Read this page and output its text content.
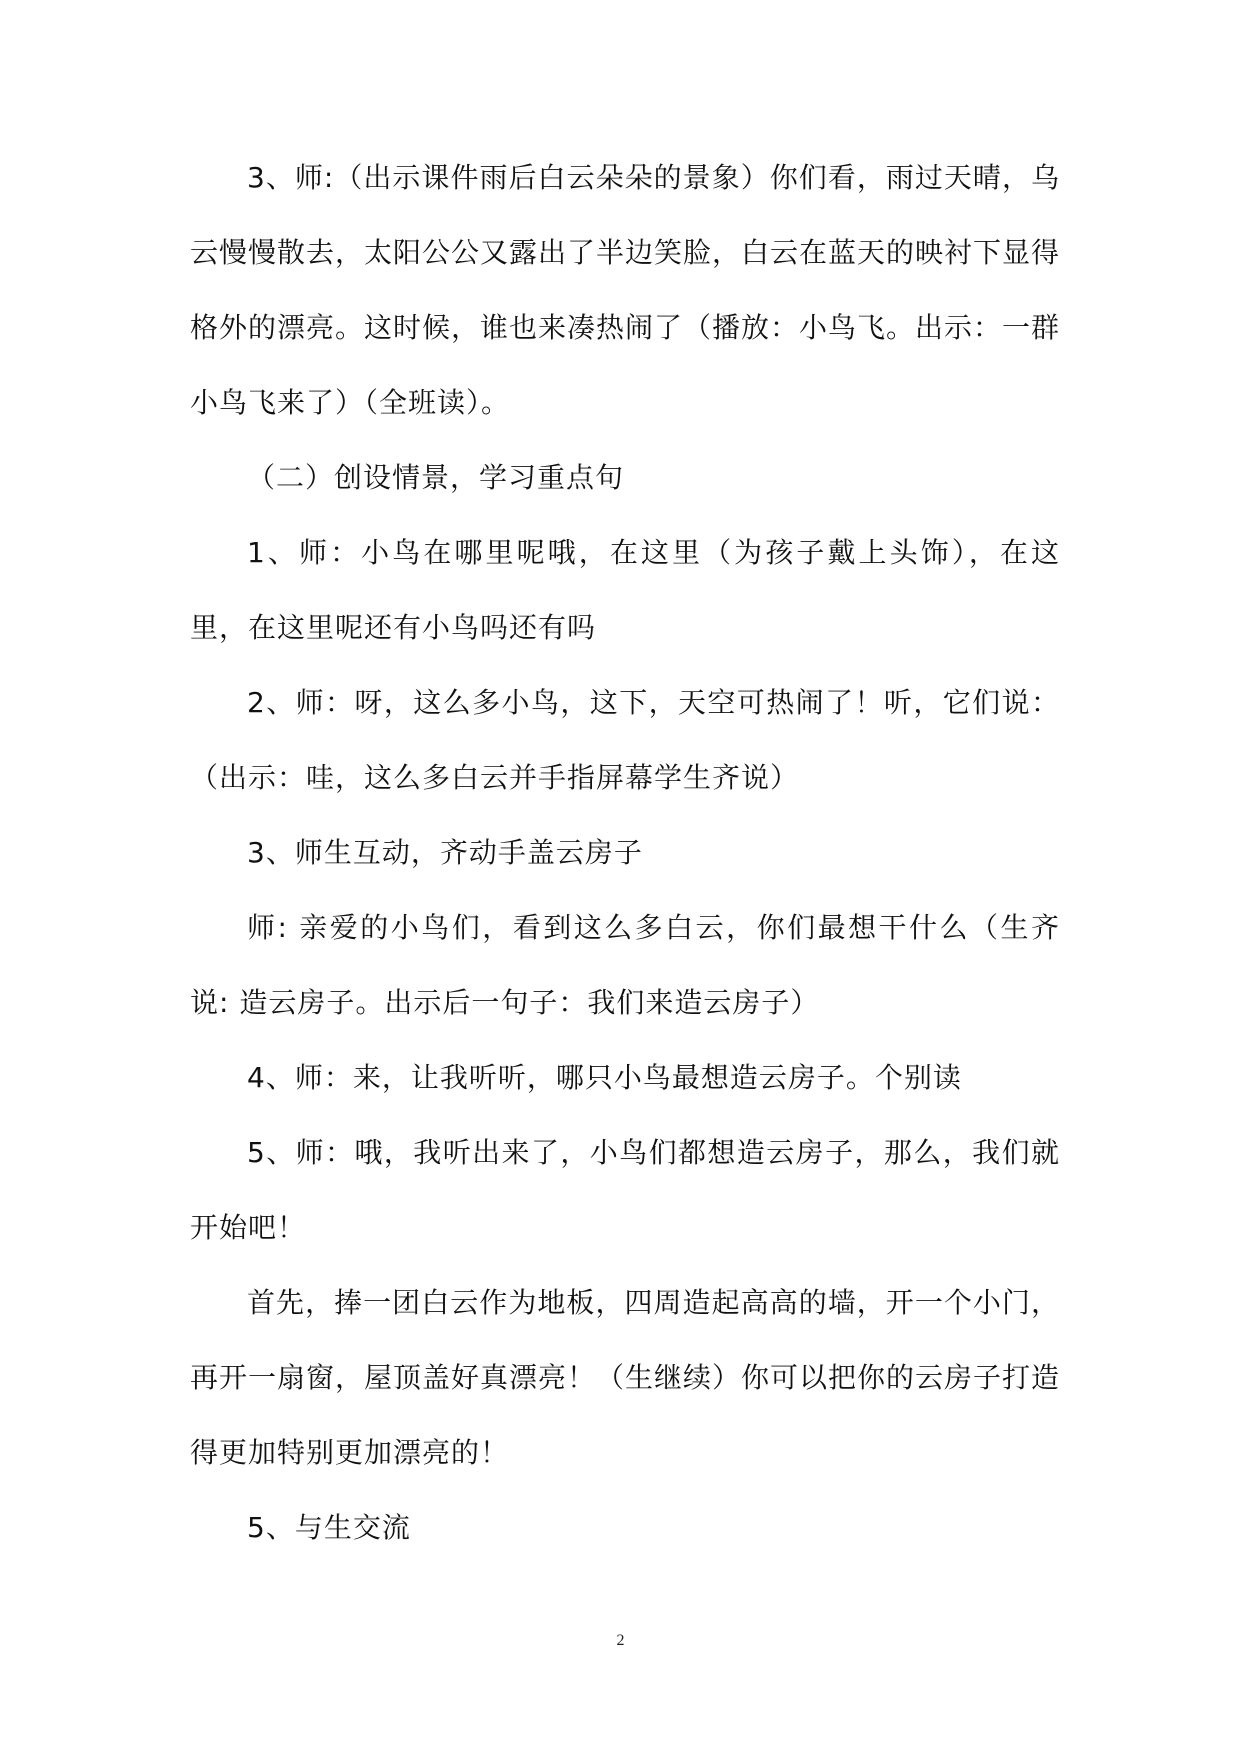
3、师:（出示课件雨后白云朵朵的景象）你们看，雨过天晴，乌云慢慢散去，太阳公公又露出了半边笑脸，白云在蓝天的映衬下显得格外的漂亮。这时候，谁也来凑热闹了（播放：小鸟飞。出示：一群小鸟飞来了）（全班读）。

（二）创设情景，学习重点句

1、师：小鸟在哪里呢哦，在这里（为孩子戴上头饰），在这里，在这里呢还有小鸟吗还有吗

2、师：呀，这么多小鸟，这下，天空可热闹了！听，它们说：（出示：哇，这么多白云并手指屏幕学生齐说）

3、师生互动，齐动手盖云房子

师: 亲爱的小鸟们，看到这么多白云，你们最想干什么（生齐说: 造云房子。出示后一句子：我们来造云房子）

4、师：来，让我听听，哪只小鸟最想造云房子。个别读

5、师：哦，我听出来了，小鸟们都想造云房子，那么，我们就开始吧！

首先，捧一团白云作为地板，四周造起高高的墙，开一个小门，再开一扇窗，屋顶盖好真漂亮！（生继续）你可以把你的云房子打造得更加特别更加漂亮的！

5、与生交流

2
